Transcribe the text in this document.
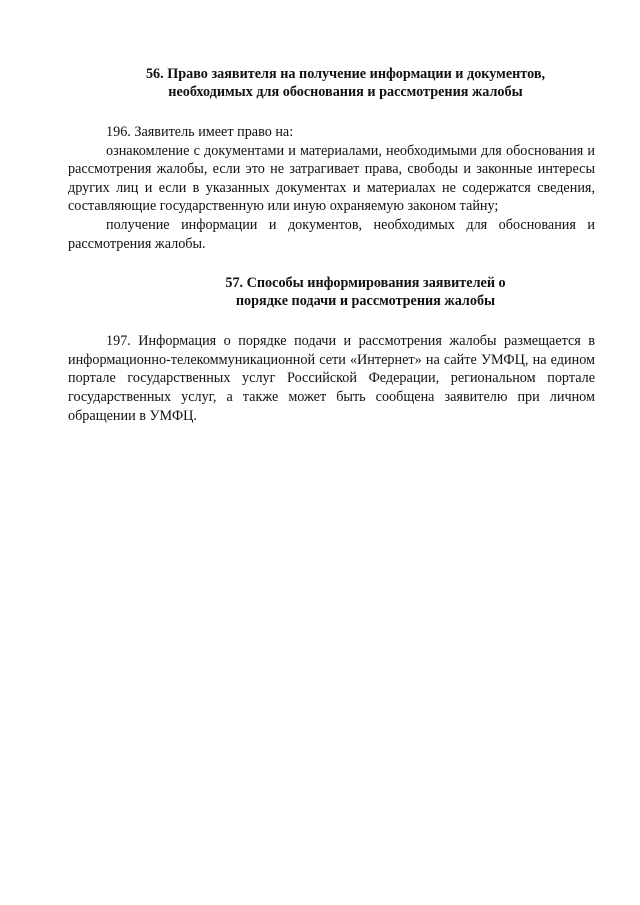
56. Право заявителя на получение информации и документов,
необходимых для обоснования и рассмотрения жалобы

196. Заявитель имеет право на:

ознакомление с документами и материалами, необходимыми для обоснования и рассмотрения жалобы, если это не затрагивает права, свободы и законные интересы других лиц и если в указанных документах и материалах не содержатся сведения, составляющие государственную или иную охраняемую законом тайну;

получение информации и документов, необходимых для обоснования и рассмотрения жалобы.

57. Способы информирования заявителей о
порядке подачи и рассмотрения жалобы

197. Информация о порядке подачи и рассмотрения жалобы размещается в информационно-телекоммуникационной сети «Интернет» на сайте УМФЦ, на едином портале государственных услуг Российской Федерации, региональном портале государственных услуг, а также может быть сообщена заявителю при личном обращении в УМФЦ.
